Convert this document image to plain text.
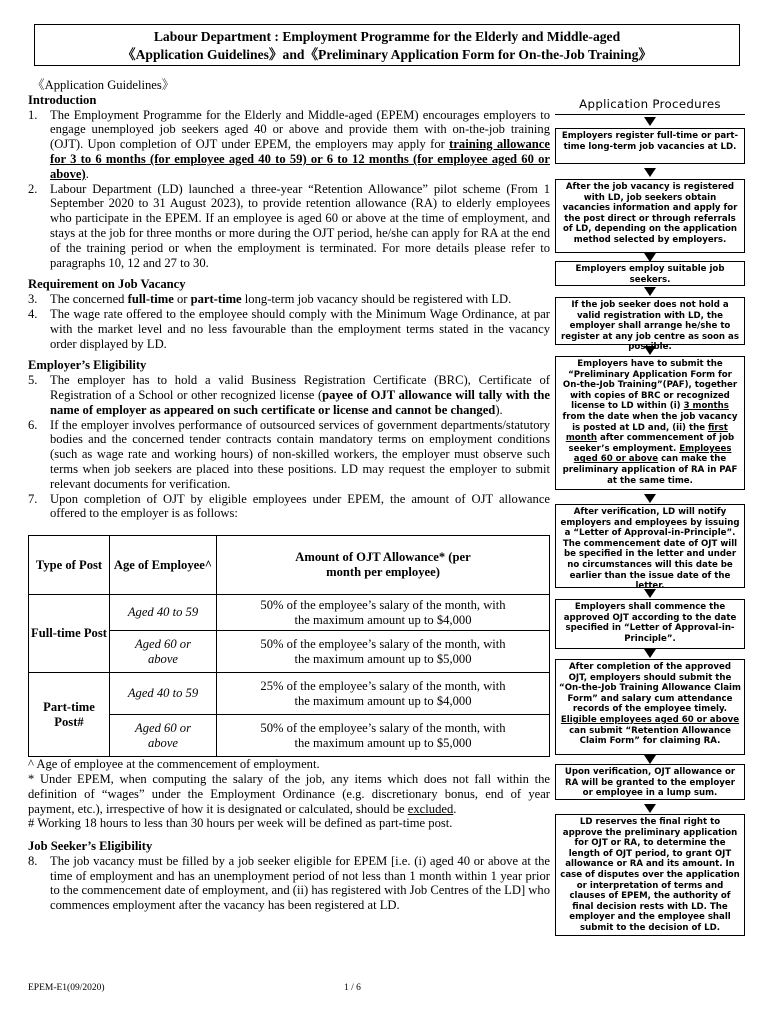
Labour Department : Employment Programme for the Elderly and Middle-aged
《Application Guidelines》and《Preliminary Application Form for On-the-Job Training》

《Application Guidelines》

Introduction

1. The Employment Programme for the Elderly and Middle-aged (EPEM) encourages employers to engage unemployed job seekers aged 40 or above and provide them with on-the-job training (OJT). Upon completion of OJT under EPEM, the employers may apply for training allowance for 3 to 6 months (for employee aged 40 to 59) or 6 to 12 months (for employee aged 60 or above).
2. Labour Department (LD) launched a three-year “Retention Allowance” pilot scheme (From 1 September 2020 to 31 August 2023), to provide retention allowance (RA) to elderly employees who participate in the EPEM. If an employee is aged 60 or above at the time of employment, and stays at the job for three months or more during the OJT period, he/she can apply for RA at the end of the training period or when the employment is terminated. For more details please refer to paragraphs 10, 12 and 27 to 30.

Requirement on Job Vacancy

3. The concerned full-time or part-time long-term job vacancy should be registered with LD.
4. The wage rate offered to the employee should comply with the Minimum Wage Ordinance, at par with the market level and no less favourable than the employment terms stated in the vacancy order displayed by LD.

Employer’s Eligibility

5. The employer has to hold a valid Business Registration Certificate (BRC), Certificate of Registration of a School or other recognized license (payee of OJT allowance will tally with the name of employer as appeared on such certificate or license and cannot be changed).
6. If the employer involves performance of outsourced services of government departments/statutory bodies and the concerned tender contracts contain mandatory terms on employment conditions (such as wage rate and working hours) of non-skilled workers, the employer must observe such terms when job seekers are placed into these positions. LD may request the employer to submit relevant documents for verification.
7. Upon completion of OJT by eligible employees under EPEM, the amount of OJT allowance offered to the employer is as follows:
Type of Post	Age of Employee^	Amount of OJT Allowance* (per month per employee)
Full-time Post	Aged 40 to 59	50% of the employee’s salary of the month, with the maximum amount up to $4,000
	Aged 60 or above	50% of the employee’s salary of the month, with the maximum amount up to $5,000
Part-time Post#	Aged 40 to 59	25% of the employee’s salary of the month, with the maximum amount up to $4,000
	Aged 60 or above	50% of the employee’s salary of the month, with the maximum amount up to $5,000

^ Age of employee at the commencement of employment.

* Under EPEM, when computing the salary of the job, any items which does not fall within the definition of “wages” under the Employment Ordinance (e.g. discretionary bonus, end of year payment, etc.), irrespective of how it is designated or calculated, should be excluded.

# Working 18 hours to less than 30 hours per week will be defined as part-time post.

Job Seeker’s Eligibility

8. The job vacancy must be filled by a job seeker eligible for EPEM [i.e. (i) aged 40 or above at the time of employment and has an unemployment period of not less than 1 month within 1 year prior to the commencement date of employment, and (ii) has registered with Job Centres of the LD] who commences employment after the vacancy has been registered at LD.
Application Procedures
Employers register full-time or part-time long-term job vacancies at LD.
After the job vacancy is registered with LD, job seekers obtain vacancies information and apply for the post direct or through referrals of LD, depending on the application method selected by employers.
Employers employ suitable job seekers.
If the job seeker does not hold a valid registration with LD, the employer shall arrange he/she to register at any job centre as soon as possible.
Employers have to submit the “Preliminary Application Form for On-the-Job Training”(PAF), together with copies of BRC or recognized license to LD within (i) 3 months from the date when the job vacancy is posted at LD and, (ii) the first month after commencement of job seeker’s employment. Employees aged 60 or above can make the preliminary application of RA in PAF at the same time.
After verification, LD will notify employers and employees by issuing a “Letter of Approval-in-Principle”. The commencement date of OJT will be specified in the letter and under no circumstances will this date be earlier than the issue date of the letter.
Employers shall commence the approved OJT according to the date specified in “Letter of Approval-in-Principle”.
After completion of the approved OJT, employers should submit the “On-the-Job Training Allowance Claim Form” and salary cum attendance records of the employee timely. Eligible employees aged 60 or above can submit “Retention Allowance Claim Form” for claiming RA.
Upon verification, OJT allowance or RA will be granted to the employer or employee in a lump sum.
LD reserves the final right to approve the preliminary application for OJT or RA, to determine the length of OJT period, to grant OJT allowance or RA and its amount. In case of disputes over the application or interpretation of terms and clauses of EPEM, the authority of final decision rests with LD. The employer and the employee shall submit to the decision of LD.
EPEM-E1(09/2020)	1 / 6
